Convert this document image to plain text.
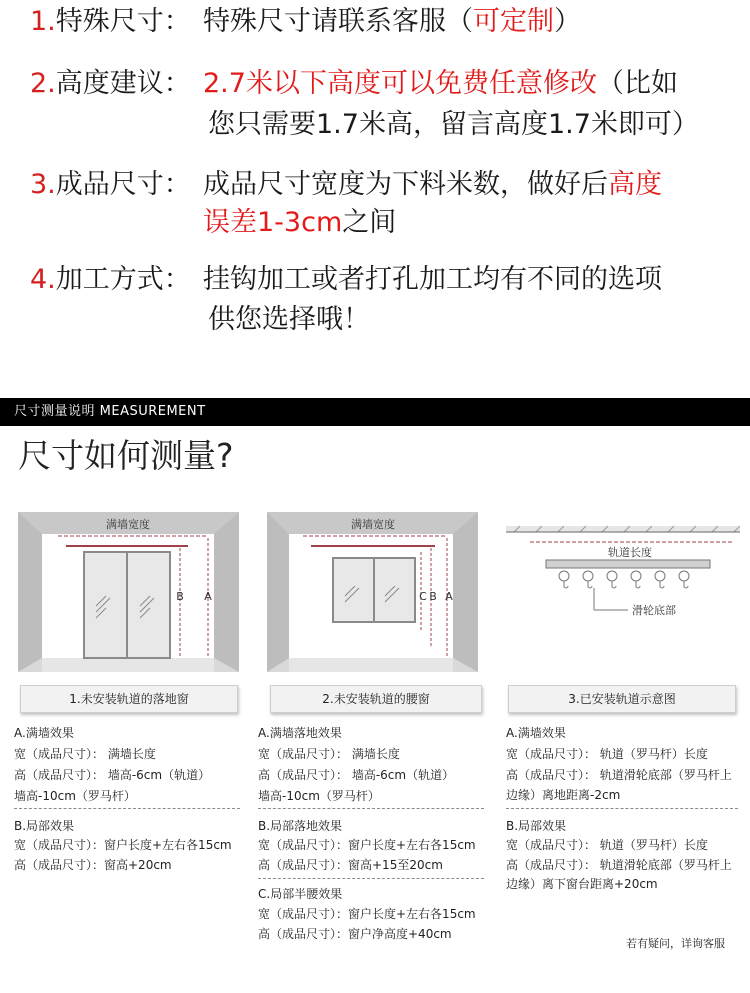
1.特殊尺寸： 特殊尺寸请联系客服（可定制）
2.高度建议： 2.7米以下高度可以免费任意修改（比如
您只需要1.7米高，留言高度1.7米即可）
3.成品尺寸： 成品尺寸宽度为下料米数，做好后高度
误差1-3cm之间
4.加工方式： 挂钩加工或者打孔加工均有不同的选项
供您选择哦！
尺寸测量说明 MEASUREMENT
尺寸如何测量?
满墙宽度
B A
1.未安装轨道的落地窗
满墙宽度
C B A
2.未安装轨道的腰窗
轨道长度
滑轮底部
3.已安装轨道示意图
A.满墙效果
宽（成品尺寸）： 满墙长度
高（成品尺寸）： 墙高-6cm（轨道）
墙高-10cm（罗马杆）
B.局部效果
宽（成品尺寸）：窗户长度+左右各15cm
高（成品尺寸）：窗高+20cm
A.满墙落地效果
宽（成品尺寸）： 满墙长度
高（成品尺寸）： 墙高-6cm（轨道）
墙高-10cm（罗马杆）
B.局部落地效果
宽（成品尺寸）：窗户长度+左右各15cm
高（成品尺寸）：窗高+15至20cm
C.局部半腰效果
宽（成品尺寸）：窗户长度+左右各15cm
高（成品尺寸）：窗户净高度+40cm
A.满墙效果
宽（成品尺寸）： 轨道（罗马杆）长度
高（成品尺寸）： 轨道滑轮底部（罗马杆上
边缘）离地距离-2cm
B.局部效果
宽（成品尺寸）： 轨道（罗马杆）长度
高（成品尺寸）： 轨道滑轮底部（罗马杆上
边缘）离下窗台距离+20cm
若有疑问，详询客服
